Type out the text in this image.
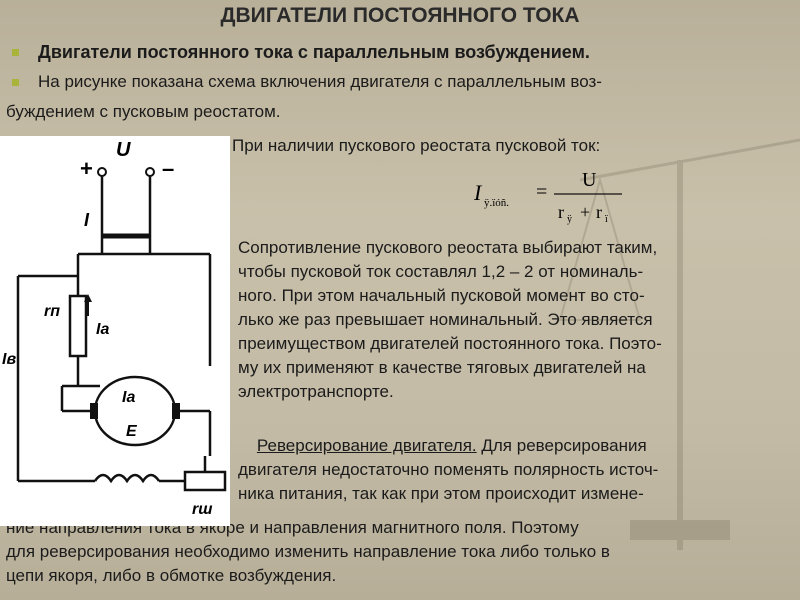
ДВИГАТЕЛИ ПОСТОЯННОГО ТОКА
Двигатели постоянного тока с параллельным возбуждением.
На рисунке показана схема включения двигателя с параллельным воз-
буждением с пусковым реостатом.
При наличии пускового реостата пусковой ток:
I ÿ.ïóñ. =
U
r ÿ + r ï
Сопротивление пускового реостата выбирают таким,
чтобы пусковой ток составлял 1,2 – 2 от номиналь-
ного. При этом начальный пусковой момент во сто-
лько же раз превышает номинальный. Это является
преимуществом двигателей постоянного тока. Поэто-
му их применяют в качестве тяговых двигателей на
электротранспорте.
Реверсирование двигателя. Для реверсирования
двигателя недостаточно поменять полярность источ-
ника питания, так как при этом происходит измене-
ние направления тока в якоре и направления магнитного поля. Поэтому
для реверсирования необходимо изменить направление тока либо только в
цепи якоря, либо в обмотке возбуждения.
U
+	–
I
rп
Iа
Iв
Iа
E
rш
